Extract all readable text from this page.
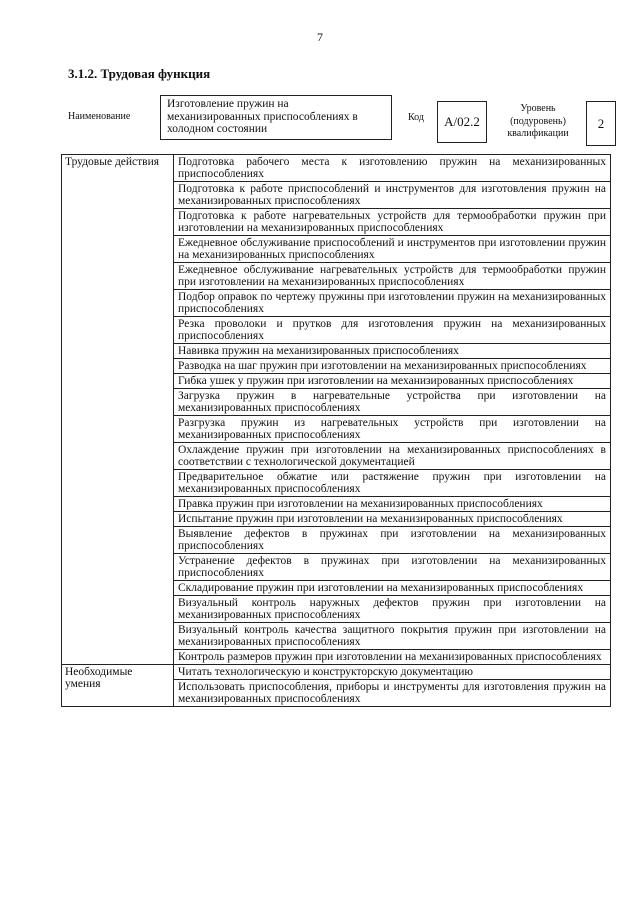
7
3.1.2. Трудовая функция
Наименование
Изготовление пружин на механизированных приспособлениях в холодном состоянии
Код	А/02.2
Уровень (подуровень) квалификации
2
Трудовые действия	Подготовка рабочего места к изготовлению пружин на механизированных приспособлениях
	Подготовка к работе приспособлений и инструментов для изготовления пружин на механизированных приспособлениях
	Подготовка к работе нагревательных устройств для термообработки пружин при изготовлении на механизированных приспособлениях
	Ежедневное обслуживание приспособлений и инструментов при изготовлении пружин на механизированных приспособлениях
	Ежедневное обслуживание нагревательных устройств для термообработки пружин при изготовлении на механизированных приспособлениях
	Подбор оправок по чертежу пружины при изготовлении пружин на механизированных приспособлениях
	Резка проволоки и прутков для изготовления пружин на механизированных приспособлениях
	Навивка пружин на механизированных приспособлениях
	Разводка на шаг пружин при изготовлении на механизированных приспособлениях
	Гибка ушек у пружин при изготовлении на механизированных приспособлениях
	Загрузка пружин в нагревательные устройства при изготовлении на механизированных приспособлениях
	Разгрузка пружин из нагревательных устройств при изготовлении на механизированных приспособлениях
	Охлаждение пружин при изготовлении на механизированных приспособлениях в соответствии с технологической документацией
	Предварительное обжатие или растяжение пружин при изготовлении на механизированных приспособлениях
	Правка пружин при изготовлении на механизированных приспособлениях
	Испытание пружин при изготовлении на механизированных приспособлениях
	Выявление дефектов в пружинах при изготовлении на механизированных приспособлениях
	Устранение дефектов в пружинах при изготовлении на механизированных приспособлениях
	Складирование пружин при изготовлении на механизированных приспособлениях
	Визуальный контроль наружных дефектов пружин при изготовлении на механизированных приспособлениях
	Визуальный контроль качества защитного покрытия пружин при изготовлении на механизированных приспособлениях
	Контроль размеров пружин при изготовлении на механизированных приспособлениях
Необходимые умения	Читать технологическую и конструкторскую документацию
	Использовать приспособления, приборы и инструменты для изготовления пружин на механизированных приспособлениях
